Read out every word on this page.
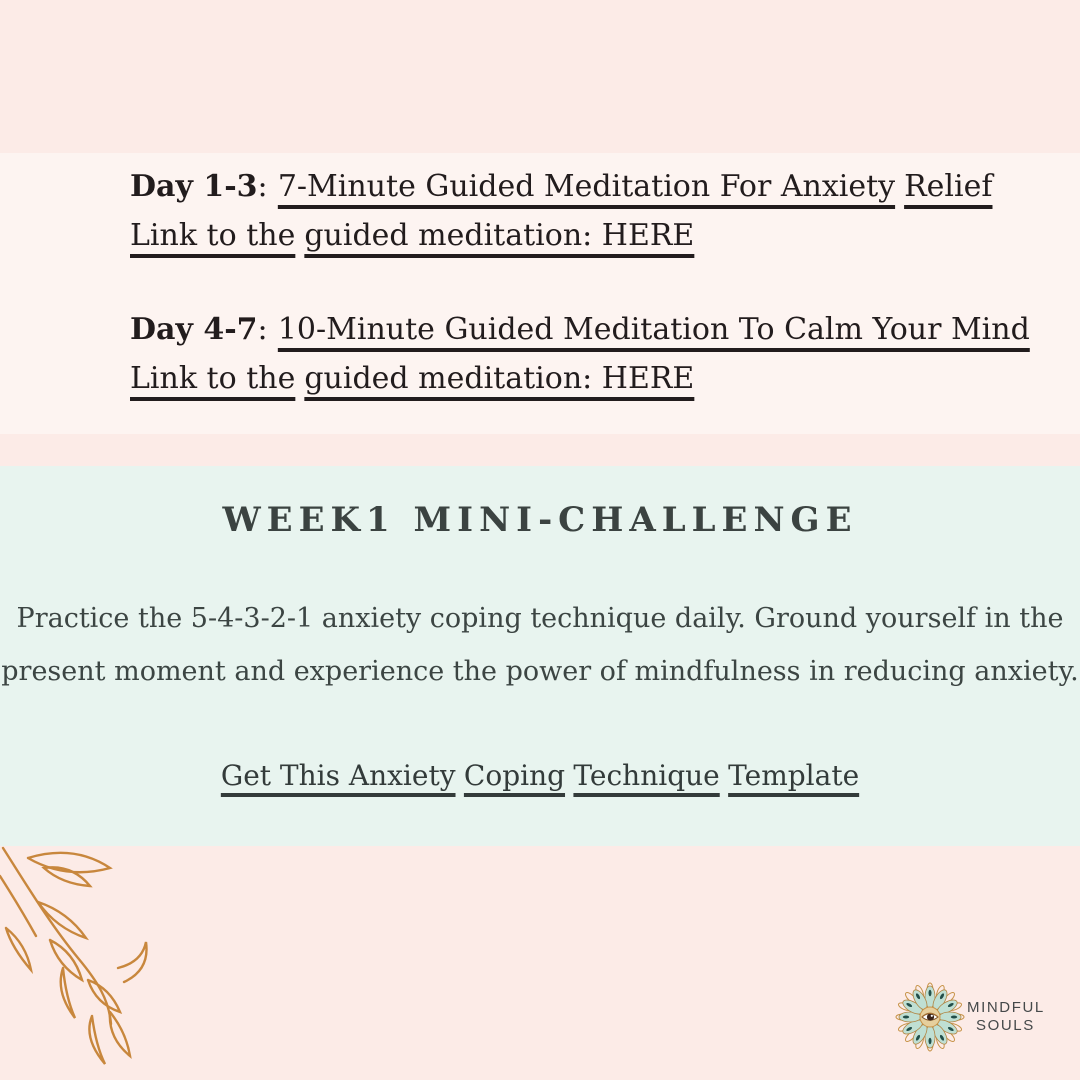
Day 1-3: 7-Minute Guided Meditation For Anxiety Relief
Link to the guided meditation: HERE
Day 4-7: 10-Minute Guided Meditation To Calm Your Mind
Link to the guided meditation: HERE
WEEK1 MINI-CHALLENGE
Practice the 5-4-3-2-1 anxiety coping technique daily. Ground yourself in the
present moment and experience the power of mindfulness in reducing anxiety.
Get This Anxiety Coping Technique Template
MINDFUL
SOULS
